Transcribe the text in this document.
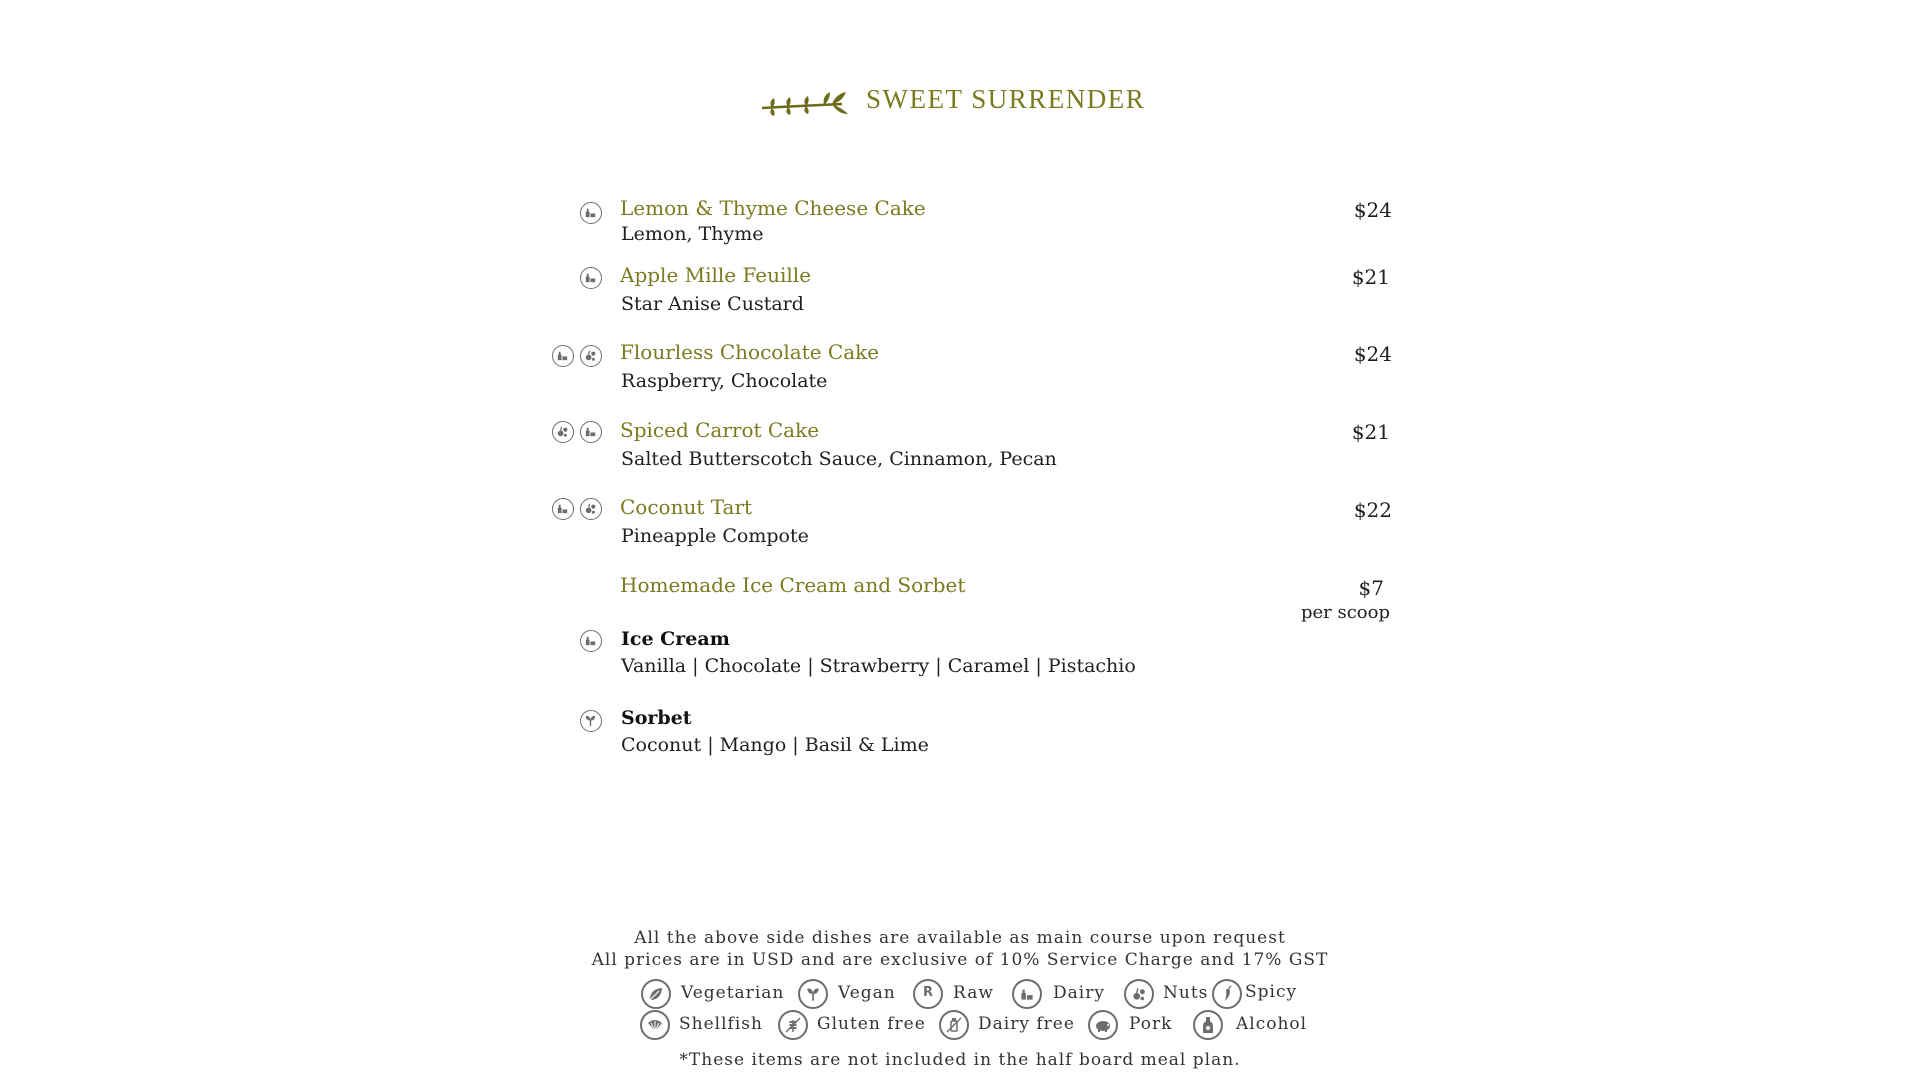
SWEET SURRENDER
Lemon & Thyme Cheese Cake
Lemon, Thyme
$24
Apple Mille Feuille
Star Anise Custard
$21
Flourless Chocolate Cake
Raspberry, Chocolate
$24
Spiced Carrot Cake
Salted Butterscotch Sauce, Cinnamon, Pecan
$21
Coconut Tart
Pineapple Compote
$22
Homemade Ice Cream and Sorbet	$7
per scoop
Ice Cream
Vanilla | Chocolate | Strawberry | Caramel | Pistachio
Sorbet
Coconut | Mango | Basil & Lime
All the above side dishes are available as main course upon request
All prices are in USD and are exclusive of 10% Service Charge and 17% GST
Vegetarian	Vegan R Raw	Dairy	Nuts Spicy
Shellfish	Gluten free	Dairy free	Pork	Alcohol
*These items are not included in the half board meal plan.
